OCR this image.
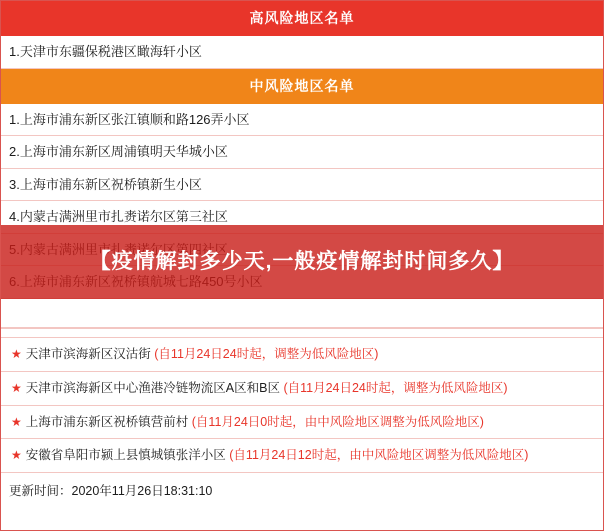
高风险地区名单
1.天津市东疆保税港区瞰海轩小区
中风险地区名单
1.上海市浦东新区张江镇顺和路126弄小区
2.上海市浦东新区周浦镇明天华城小区
3.上海市浦东新区祝桥镇新生小区
4.内蒙古满洲里市扎赉诺尔区第三社区
★ 天津市滨海新区汉沽街 (自11月24日24时起，调整为低风险地区)
★ 天津市滨海新区中心渔港冷链物流区A区和B区 (自11月24日24时起，调整为低风险地区)
★ 上海市浦东新区祝桥镇营前村 (自11月24日0时起，由中风险地区调整为低风险地区)
★ 安徽省阜阳市颍上县慎城镇张洋小区 (自11月24日12时起，由中风险地区调整为低风险地区)
更新时间：2020年11月26日18:31:10
【疫情解封多少天,一般疫情解封时间多久】
